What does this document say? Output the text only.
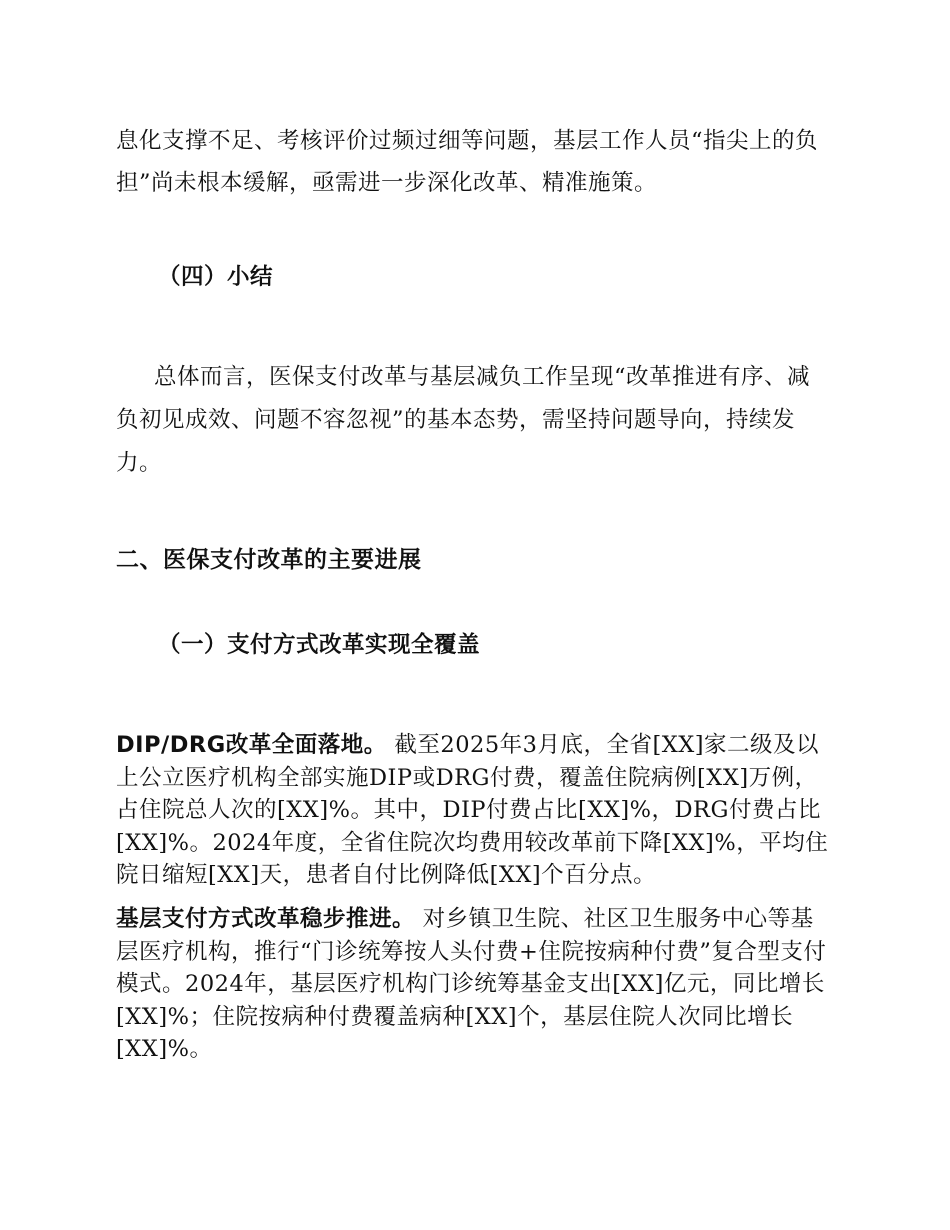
息化支撑不足、考核评价过频过细等问题，基层工作人员“指尖上的负担”尚未根本缓解，亟需进一步深化改革、精准施策。
（四）小结
总体而言，医保支付改革与基层减负工作呈现“改革推进有序、减负初见成效、问题不容忽视”的基本态势，需坚持问题导向，持续发力。
二、医保支付改革的主要进展
（一）支付方式改革实现全覆盖
DIP/DRG改革全面落地。 截至2025年3月底，全省[XX]家二级及以上公立医疗机构全部实施DIP或DRG付费，覆盖住院病例[XX]万例，占住院总人次的[XX]%。其中，DIP付费占比[XX]%，DRG付费占比[XX]%。2024年度，全省住院次均费用较改革前下降[XX]%，平均住院日缩短[XX]天，患者自付比例降低[XX]个百分点。
基层支付方式改革稳步推进。 对乡镇卫生院、社区卫生服务中心等基层医疗机构，推行“门诊统筹按人头付费+住院按病种付费”复合型支付模式。2024年，基层医疗机构门诊统筹基金支出[XX]亿元，同比增长[XX]%；住院按病种付费覆盖病种[XX]个，基层住院人次同比增长[XX]%。
